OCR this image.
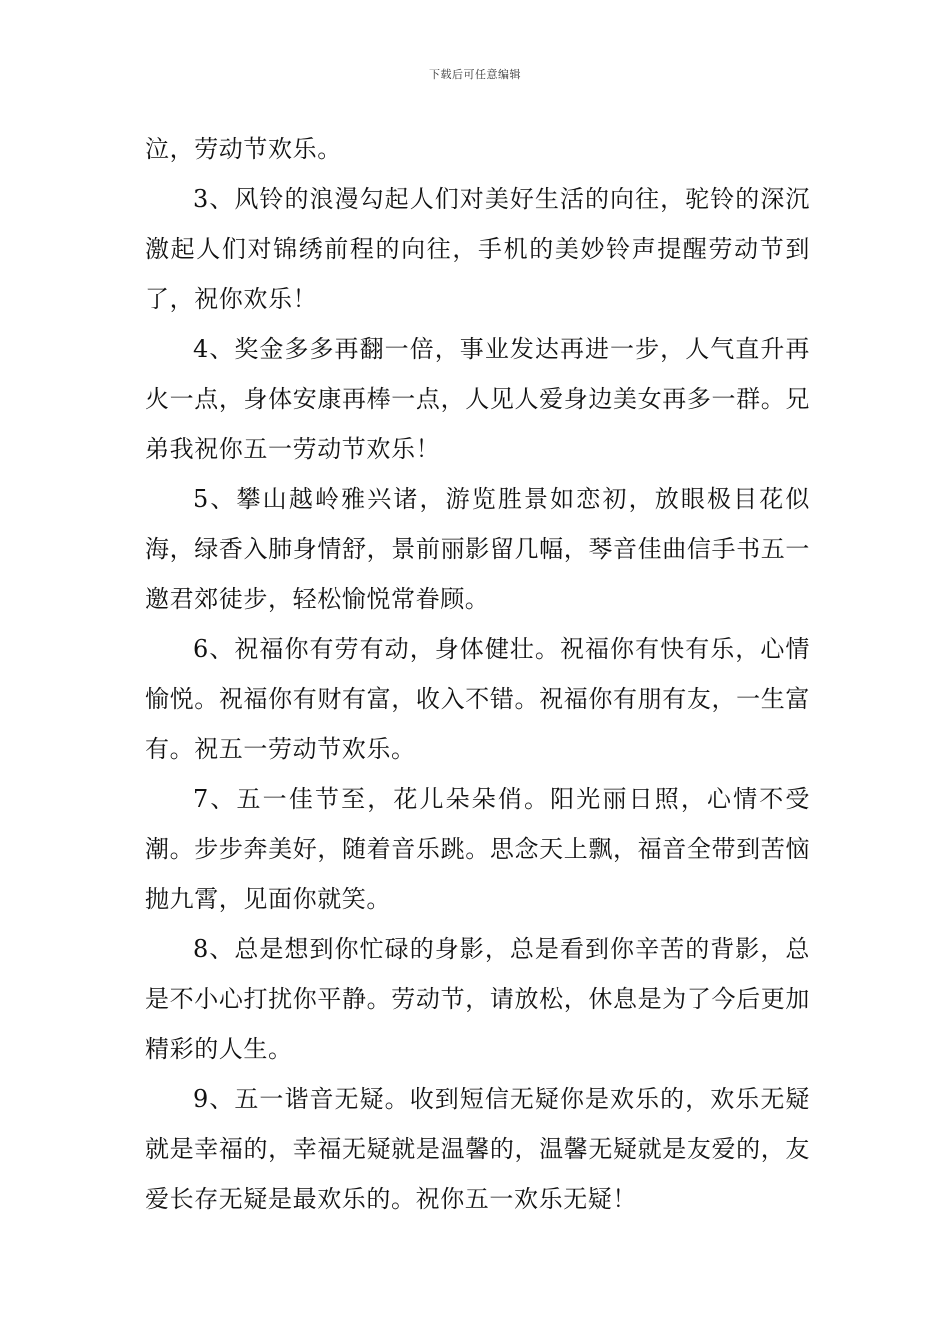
下载后可任意编辑

泣，劳动节欢乐。

3、风铃的浪漫勾起人们对美好生活的向往，驼铃的深沉激起人们对锦绣前程的向往，手机的美妙铃声提醒劳动节到了，祝你欢乐！

4、奖金多多再翻一倍，事业发达再进一步，人气直升再火一点，身体安康再棒一点，人见人爱身边美女再多一群。兄弟我祝你五一劳动节欢乐！

5、攀山越岭雅兴诸，游览胜景如恋初，放眼极目花似海，绿香入肺身情舒，景前丽影留几幅，琴音佳曲信手书五一邀君郊徒步，轻松愉悦常眷顾。

6、祝福你有劳有动，身体健壮。祝福你有快有乐，心情愉悦。祝福你有财有富，收入不错。祝福你有朋有友，一生富有。祝五一劳动节欢乐。

7、五一佳节至，花儿朵朵俏。阳光丽日照，心情不受潮。步步奔美好，随着音乐跳。思念天上飘，福音全带到苦恼抛九霄，见面你就笑。

8、总是想到你忙碌的身影，总是看到你辛苦的背影，总是不小心打扰你平静。劳动节，请放松，休息是为了今后更加精彩的人生。

9、五一谐音无疑。收到短信无疑你是欢乐的，欢乐无疑就是幸福的，幸福无疑就是温馨的，温馨无疑就是友爱的，友爱长存无疑是最欢乐的。祝你五一欢乐无疑！
